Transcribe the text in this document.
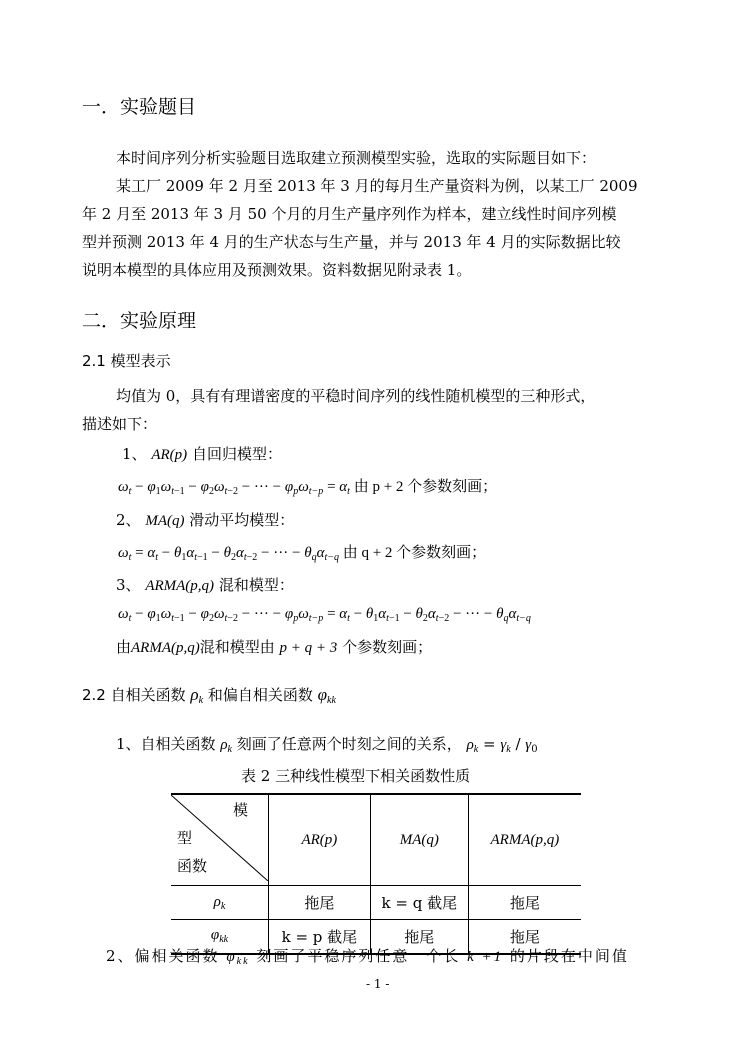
一．实验题目
本时间序列分析实验题目选取建立预测模型实验，选取的实际题目如下：
某工厂 2009 年 2 月至 2013 年 3 月的每月生产量资料为例，以某工厂 2009
年 2 月至 2013 年 3 月 50 个月的月生产量序列作为样本，建立线性时间序列模
型并预测 2013 年 4 月的生产状态与生产量，并与 2013 年 4 月的实际数据比较
说明本模型的具体应用及预测效果。资料数据见附录表 1。
二．实验原理
2.1 模型表示
均值为 0，具有有理谱密度的平稳时间序列的线性随机模型的三种形式，
描述如下：
1、 AR(p) 自回归模型：
$\omega_t - \varphi_1\omega_{t-1} - \varphi_2\omega_{t-2}$ − ··· − $\varphi_p\omega_{t-p} = \alpha_t$ 由 p + 2 个参数刻画；
2、 MA(q) 滑动平均模型：
$\omega_t = \alpha_t - \theta_1\alpha_{t-1} - \theta_2\alpha_{t-2}$ − ··· − $\theta_q\alpha_{t-q}$ 由 q + 2 个参数刻画；
3、 ARMA(p,q) 混和模型：
$\omega_t - \varphi_1\omega_{t-1} - \varphi_2\omega_{t-2}$ − ··· − $\varphi_p\omega_{t-p} = \alpha_t - \theta_1\alpha_{t-1} - \theta_2\alpha_{t-2}$ − ··· − $\theta_q\alpha_{t-q}$
由ARMA(p,q)混和模型由 p + q + 3 个参数刻画；
2.2 自相关函数 $\rho_k$ 和偏自相关函数 $\varphi_{kk}$
1、自相关函数 $\rho_k$ 刻画了任意两个时刻之间的关系， $\rho_k = \gamma_k / \gamma_0$
表 2 三种线性模型下相关函数性质
模
型
函数	AR(p)	MA(q)	ARMA(p,q)
$\rho_k$	拖尾	k = q 截尾	拖尾
$\varphi_{kk}$	k = p 截尾	拖尾	拖尾
2、偏相关函数 $\varphi_{kk}$ 刻画了平稳序列任意一个长 k +1 的片段在中间值
- 1 -
